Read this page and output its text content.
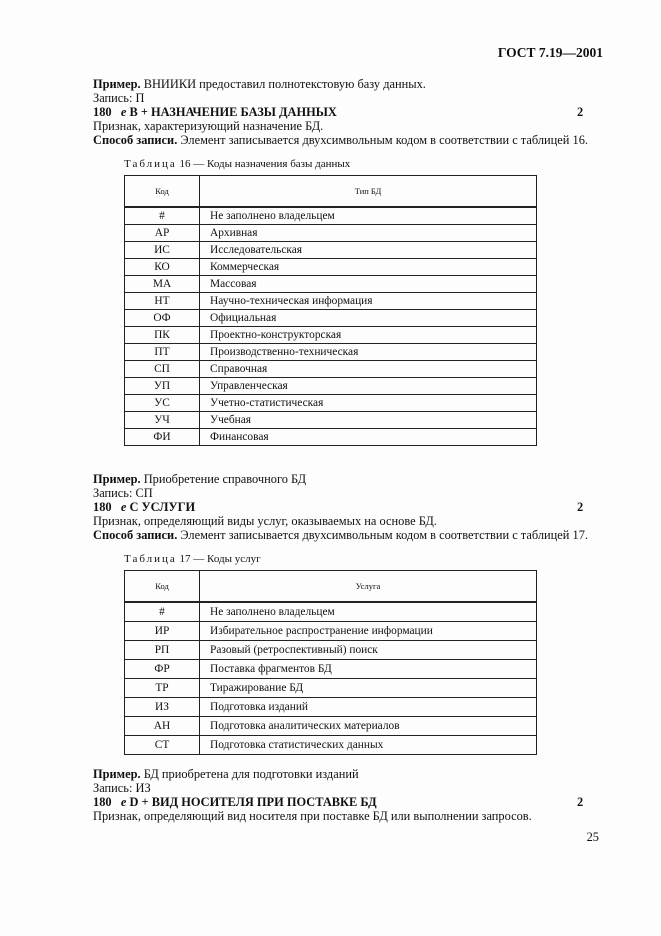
ГОСТ 7.19—2001
Пример. ВНИИКИ предоставил полнотекстовую базу данных.
Запись: П
180 е В + НАЗНАЧЕНИЕ БАЗЫ ДАННЫХ	2
Признак, характеризующий назначение БД.
Способ записи. Элемент записывается двухсимвольным кодом в соответствии с таблицей 16.
Таблица 16 — Коды назначения базы данных
Код	Тип БД
#	Не заполнено владельцем
АР	Архивная
ИС	Исследовательская
КО	Коммерческая
МА	Массовая
НТ	Научно-техническая информация
ОФ	Официальная
ПК	Проектно-конструкторская
ПТ	Производственно-техническая
СП	Справочная
УП	Управленческая
УС	Учетно-статистическая
УЧ	Учебная
ФИ	Финансовая
Пример. Приобретение справочного БД
Запись: СП
180 е С УСЛУГИ	2
Признак, определяющий виды услуг, оказываемых на основе БД.
Способ записи. Элемент записывается двухсимвольным кодом в соответствии с таблицей 17.
Таблица 17 — Коды услуг
Код	Услуга
#	Не заполнено владельцем
ИР	Избирательное распространение информации
РП	Разовый (ретроспективный) поиск
ФР	Поставка фрагментов БД
ТР	Тиражирование БД
ИЗ	Подготовка изданий
АН	Подготовка аналитических материалов
СТ	Подготовка статистических данных
Пример. БД приобретена для подготовки изданий
Запись: ИЗ
180 е D + ВИД НОСИТЕЛЯ ПРИ ПОСТАВКЕ БД	2
Признак, определяющий вид носителя при поставке БД или выполнении запросов.
25
